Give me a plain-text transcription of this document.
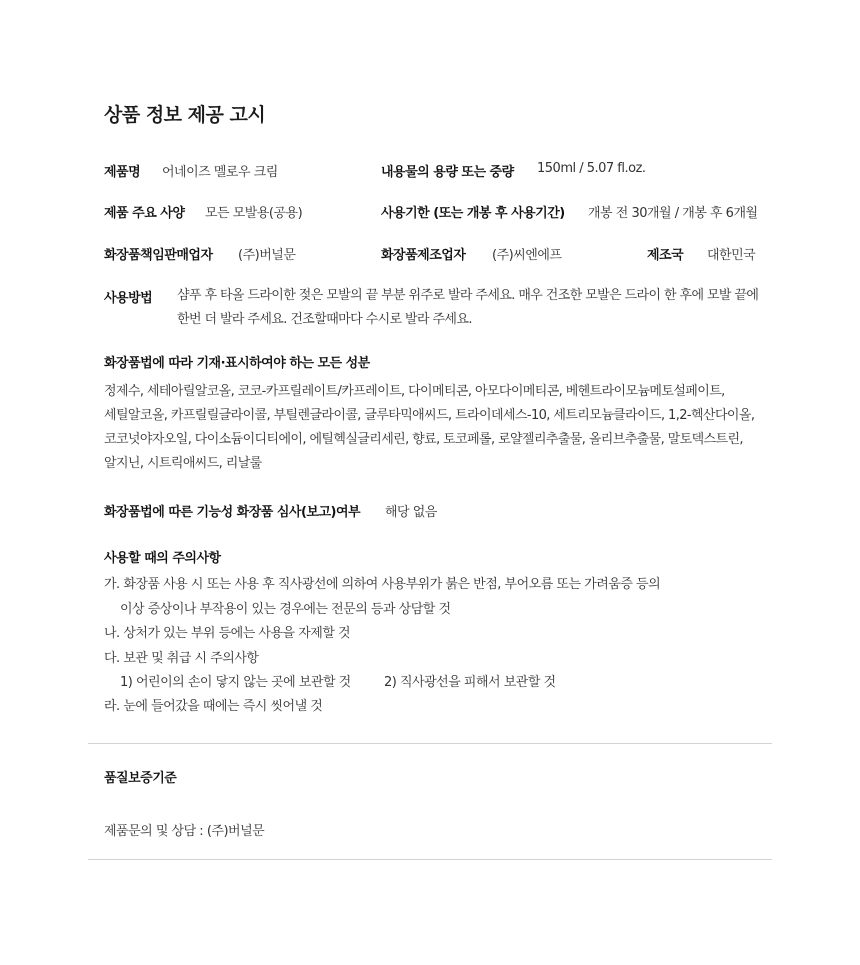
상품 정보 제공 고시
제품명 어네이즈 멜로우 크림	내용물의 용량 또는 중량 150ml / 5.07 fl.oz.
제품 주요 사양 모든 모발용(공용)	사용기한 (또는 개봉 후 사용기간) 개봉 전 30개월 / 개봉 후 6개월
화장품책임판매업자 (주)버널문	화장품제조업자 (주)씨엔에프	제조국 대한민국
사용방법 샴푸 후 타올 드라이한 젖은 모발의 끝 부분 위주로 발라 주세요. 매우 건조한 모발은 드라이 한 후에 모발 끝에 한번 더 발라 주세요. 건조할때마다 수시로 발라 주세요.
화장품법에 따라 기재·표시하여야 하는 모든 성분
정제수, 세테아릴알코올, 코코-카프릴레이트/카프레이트, 다이메티콘, 아모다이메티콘, 베헨트라이모늄메토설페이트, 세틸알코올, 카프릴릴글라이콜, 부틸렌글라이콜, 글루타믹애씨드, 트라이데세스-10, 세트리모늄클라이드, 1,2-헥산다이올, 코코넛야자오일, 다이소듐이디티에이, 에틸헥실글리세린, 향료, 토코페롤, 로얄젤리추출물, 올리브추출물, 말토덱스트린, 알지닌, 시트릭애씨드, 리날룰
화장품법에 따른 기능성 화장품 심사(보고)여부 해당 없음
사용할 때의 주의사항
가. 화장품 사용 시 또는 사용 후 직사광선에 의하여 사용부위가 붉은 반점, 부어오름 또는 가려움증 등의
이상 증상이나 부작용이 있는 경우에는 전문의 등과 상담할 것
나. 상처가 있는 부위 등에는 사용을 자제할 것
다. 보관 및 취급 시 주의사항
1) 어린이의 손이 닿지 않는 곳에 보관할 것	2) 직사광선을 피해서 보관할 것
라. 눈에 들어갔을 때에는 즉시 씻어낼 것
품질보증기준
제품문의 및 상담 : (주)버널문
